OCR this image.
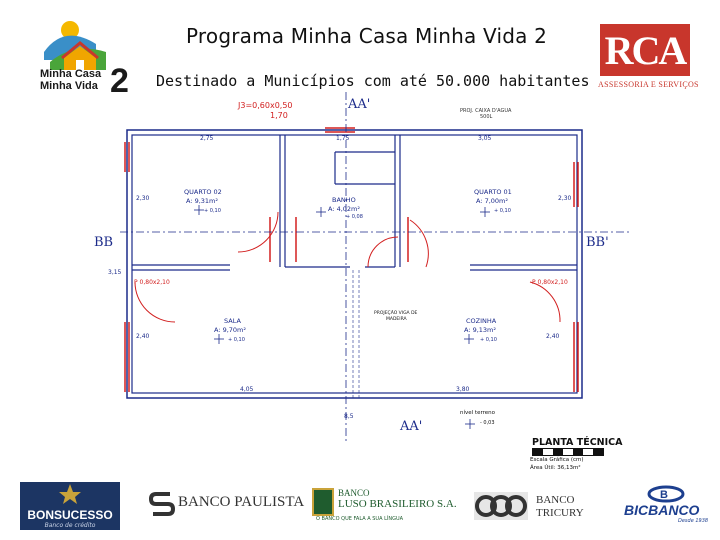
Programa Minha Casa Minha Vida 2
Destinado a Municípios com até 50.000 habitantes
Minha Casa
Minha Vida 2
RCA
ASSESSORIA E SERVIÇOS
AA'
AA'
BB	BB'
J3=0,60x0,50
1,70	PROJ. CAIXA D'AGUA
500L
2,75	1,75	3,05
4,05	3,80
8,5
2,30	2,30
2,40	2,40
3,15
QUARTO 02
A: 9,31m²
+ 0,10
BANHO
A: 4,02m²
+ 0,08
QUARTO 01
A: 7,00m²
+ 0,10
SALA
A: 9,70m²
+ 0,10
COZINHA
A: 9,13m²
+ 0,10
P 0,80x2,10	P 0,80x2,10
PROJEÇÃO VIGA DE
MADEIRA
nível terreno
- 0,03
PLANTA TÉCNICA
Escala Gráfica (cm)
Área Útil: 36,13m²
BONSUCESSO
Banco de crédito
BANCO PAULISTA
BANCO
LUSO BRASILEIRO S.A.
O BANCO QUE FALA A SUA LÍNGUA
BANCO
TRICURY
B
BICBANCO
Desde 1938
